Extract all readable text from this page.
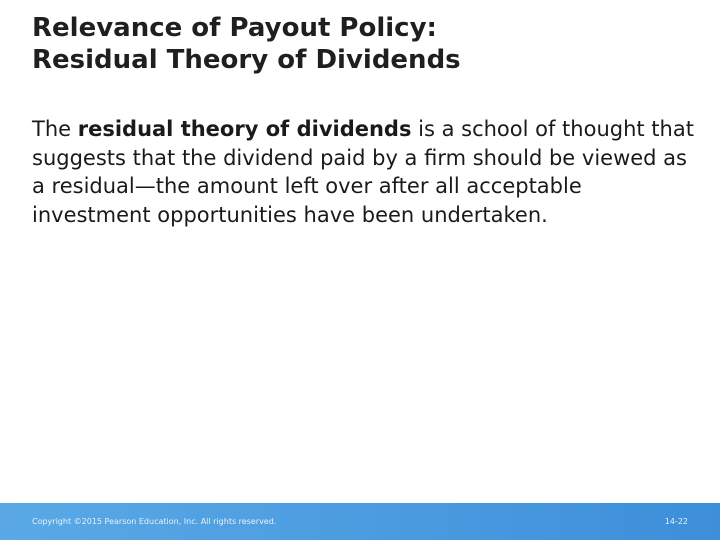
Relevance of Payout Policy:
Residual Theory of Dividends

The residual theory of dividends is a school of thought that suggests that the dividend paid by a firm should be viewed as a residual—the amount left over after all acceptable investment opportunities have been undertaken.

Copyright ©2015 Pearson Education, Inc. All rights reserved.	14-22
